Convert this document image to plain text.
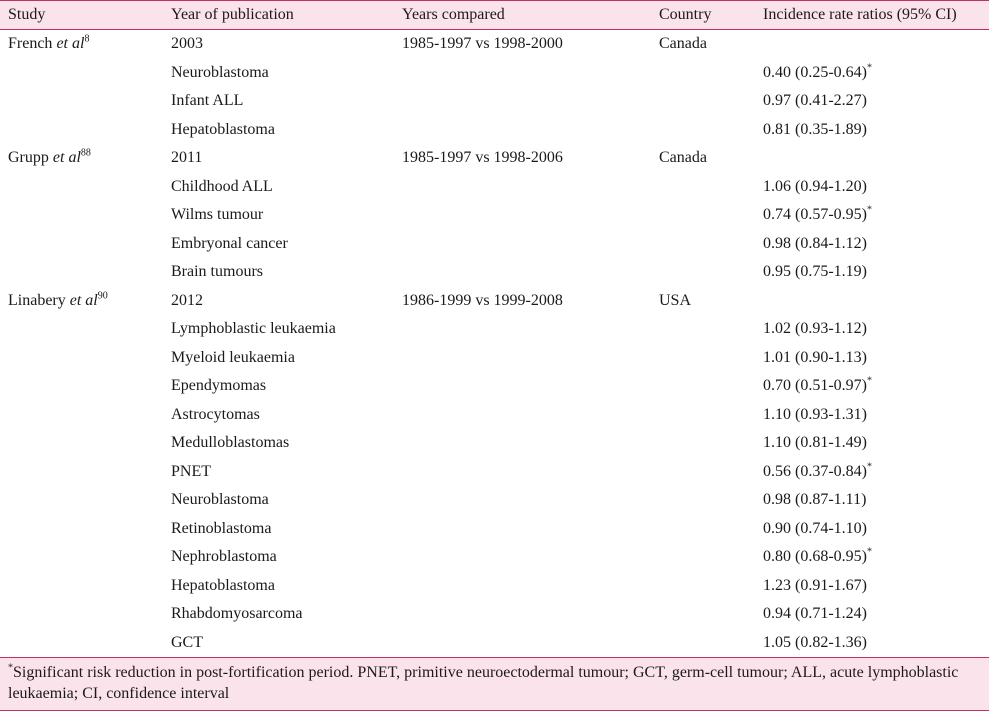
Study	Year of publication	Years compared	Country	Incidence rate ratios (95% CI)
French et $al^8$	2003	1985-1997 vs 1998-2000	Canada	
	Neuroblastoma			0.40 (0.25-0.64)*
	Infant ALL			0.97 (0.41-2.27)
	Hepatoblastoma			0.81 (0.35-1.89)
Grupp et $al^{88}$	2011	1985-1997 vs 1998-2006	Canada	
	Childhood ALL			1.06 (0.94-1.20)
	Wilms tumour			0.74 (0.57-0.95)*
	Embryonal cancer			0.98 (0.84-1.12)
	Brain tumours			0.95 (0.75-1.19)
Linabery et $al^{90}$	2012	1986-1999 vs 1999-2008	USA	
	Lymphoblastic leukaemia			1.02 (0.93-1.12)
	Myeloid leukaemia			1.01 (0.90-1.13)
	Ependymomas			0.70 (0.51-0.97)*
	Astrocytomas			1.10 (0.93-1.31)
	Medulloblastomas			1.10 (0.81-1.49)
	PNET			0.56 (0.37-0.84)*
	Neuroblastoma			0.98 (0.87-1.11)
	Retinoblastoma			0.90 (0.74-1.10)
	Nephroblastoma			0.80 (0.68-0.95)*
	Hepatoblastoma			1.23 (0.91-1.67)
	Rhabdomyosarcoma			0.94 (0.71-1.24)
	GCT			1.05 (0.82-1.36)
*Significant risk reduction in post-fortification period. PNET, primitive neuroectodermal tumour; GCT, germ-cell tumour; ALL, acute lymphoblastic leukaemia; CI, confidence interval
